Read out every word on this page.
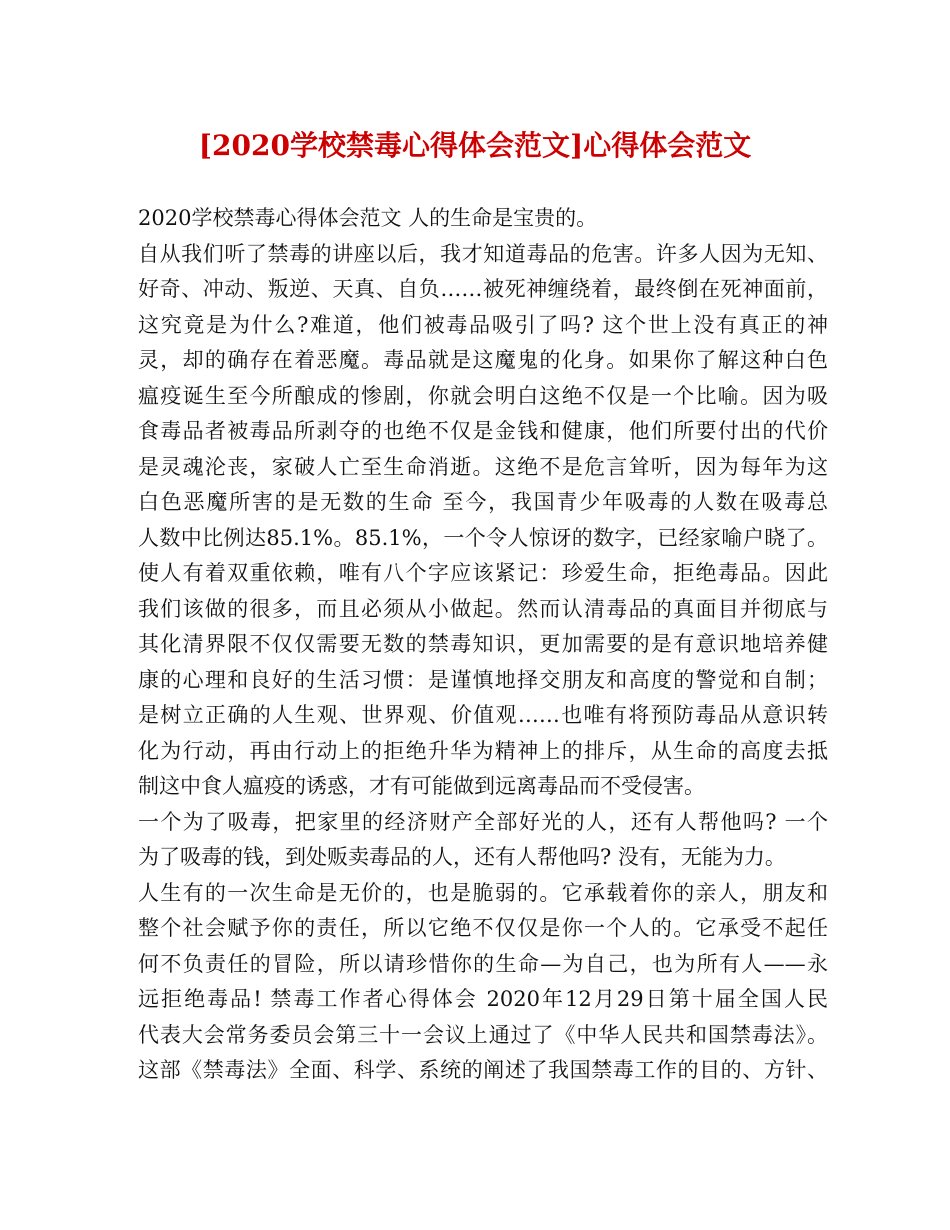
[2020学校禁毒心得体会范文]心得体会范文
2020学校禁毒心得体会范文 人的生命是宝贵的。
自从我们听了禁毒的讲座以后，我才知道毒品的危害。许多人因为无知、
好奇、冲动、叛逆、天真、自负……被死神缠绕着，最终倒在死神面前，
这究竟是为什么?难道，他们被毒品吸引了吗? 这个世上没有真正的神
灵，却的确存在着恶魔。毒品就是这魔鬼的化身。如果你了解这种白色
瘟疫诞生至今所酿成的惨剧，你就会明白这绝不仅是一个比喻。因为吸
食毒品者被毒品所剥夺的也绝不仅是金钱和健康，他们所要付出的代价
是灵魂沦丧，家破人亡至生命消逝。这绝不是危言耸听，因为每年为这
白色恶魔所害的是无数的生命 至今，我国青少年吸毒的人数在吸毒总
人数中比例达85.1%。85.1%，一个令人惊讶的数字，已经家喻户晓了。
使人有着双重依赖，唯有八个字应该紧记：珍爱生命，拒绝毒品。因此
我们该做的很多，而且必须从小做起。然而认清毒品的真面目并彻底与
其化清界限不仅仅需要无数的禁毒知识，更加需要的是有意识地培养健
康的心理和良好的生活习惯：是谨慎地择交朋友和高度的警觉和自制；
是树立正确的人生观、世界观、价值观……也唯有将预防毒品从意识转
化为行动，再由行动上的拒绝升华为精神上的排斥，从生命的高度去抵
制这中食人瘟疫的诱惑，才有可能做到远离毒品而不受侵害。
一个为了吸毒，把家里的经济财产全部好光的人，还有人帮他吗? 一个
为了吸毒的钱，到处贩卖毒品的人，还有人帮他吗? 没有，无能为力。
人生有的一次生命是无价的，也是脆弱的。它承载着你的亲人，朋友和
整个社会赋予你的责任，所以它绝不仅仅是你一个人的。它承受不起任
何不负责任的冒险，所以请珍惜你的生命—为自己，也为所有人——永
远拒绝毒品! 禁毒工作者心得体会 2020年12月29日第十届全国人民
代表大会常务委员会第三十一会议上通过了《中华人民共和国禁毒法》。
这部《禁毒法》全面、科学、系统的阐述了我国禁毒工作的目的、方针、
